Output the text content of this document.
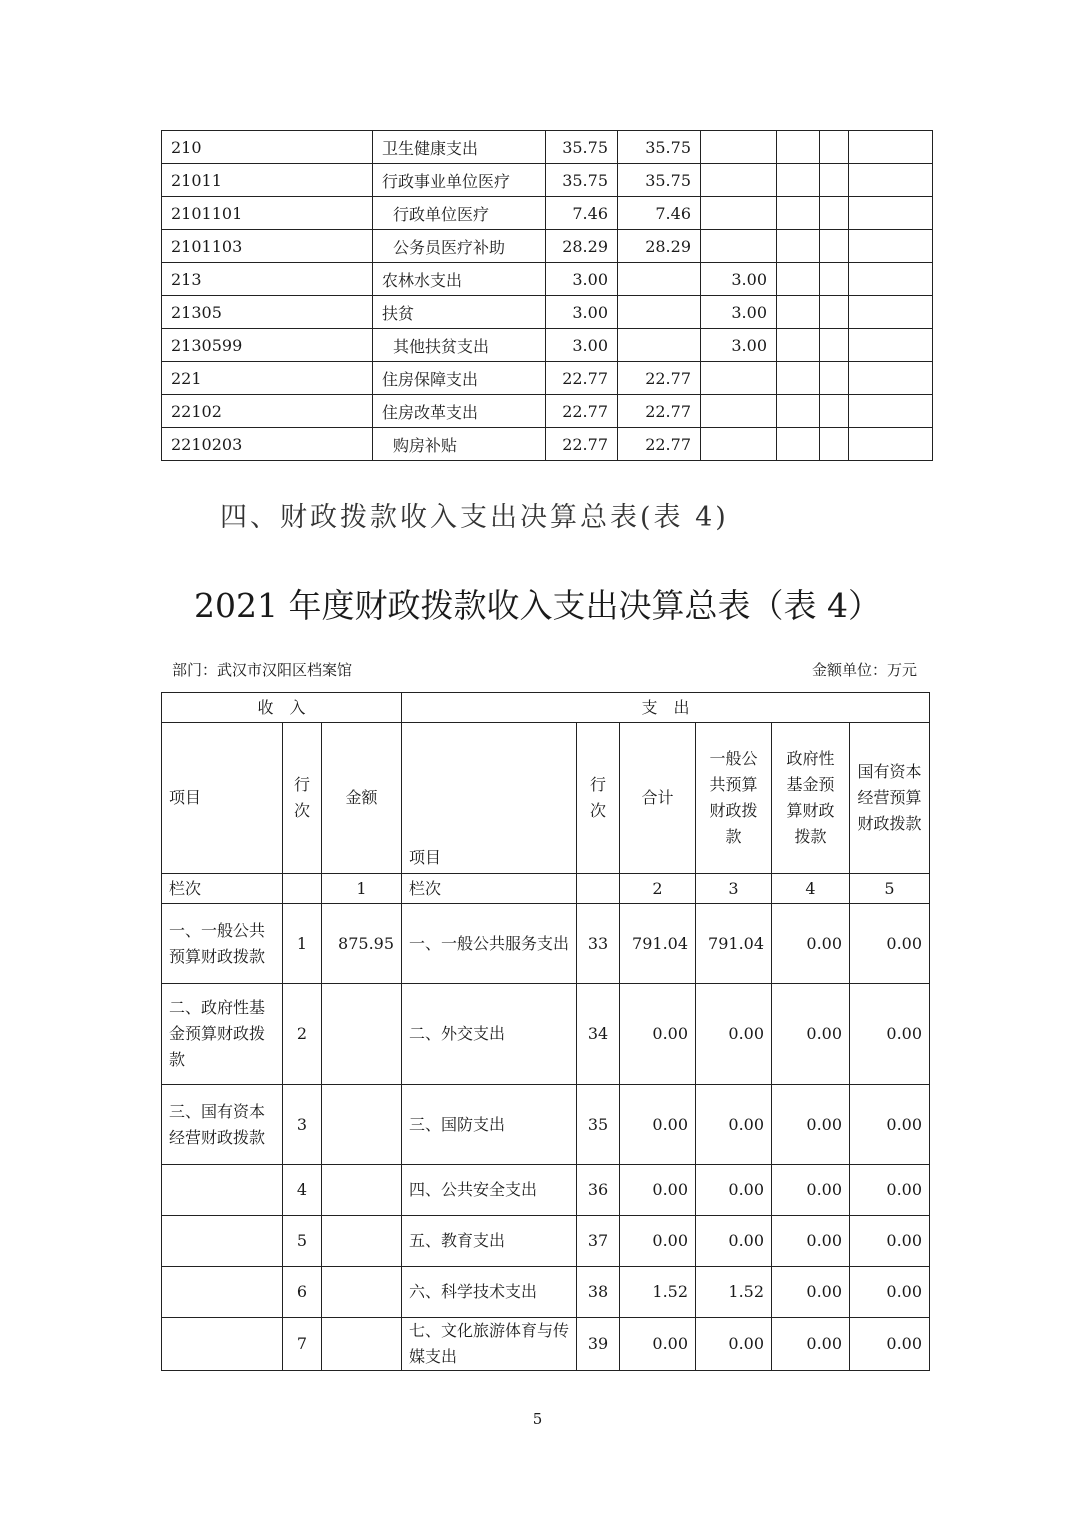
210	卫生健康支出	35.75	35.75				
21011	行政事业单位医疗	35.75	35.75				
2101101	行政单位医疗	7.46	7.46				
2101103	公务员医疗补助	28.29	28.29				
213	农林水支出	3.00		3.00			
21305	扶贫	3.00		3.00			
2130599	其他扶贫支出	3.00		3.00			
221	住房保障支出	22.77	22.77				
22102	住房改革支出	22.77	22.77				
2210203	购房补贴	22.77	22.77				
四、财政拨款收入支出决算总表(表 4)
2021 年度财政拨款收入支出决算总表（表 4）
部门：武汉市汉阳区档案馆	金额单位：万元
收　入			支　出					
项目	行次	金额	项目	行次	合计	一般公共预算财政拨款	政府性基金预算财政拨款	国有资本经营预算财政拨款
栏次		1	栏次		2	3	4	5
一、一般公共预算财政拨款	1	875.95	一、一般公共服务支出	33	791.04	791.04	0.00	0.00
二、政府性基金预算财政拨款	2		二、外交支出	34	0.00	0.00	0.00	0.00
三、国有资本经营财政拨款	3		三、国防支出	35	0.00	0.00	0.00	0.00
	4		四、公共安全支出	36	0.00	0.00	0.00	0.00
	5		五、教育支出	37	0.00	0.00	0.00	0.00
	6		六、科学技术支出	38	1.52	1.52	0.00	0.00
	7		七、文化旅游体育与传媒支出	39	0.00	0.00	0.00	0.00
5
